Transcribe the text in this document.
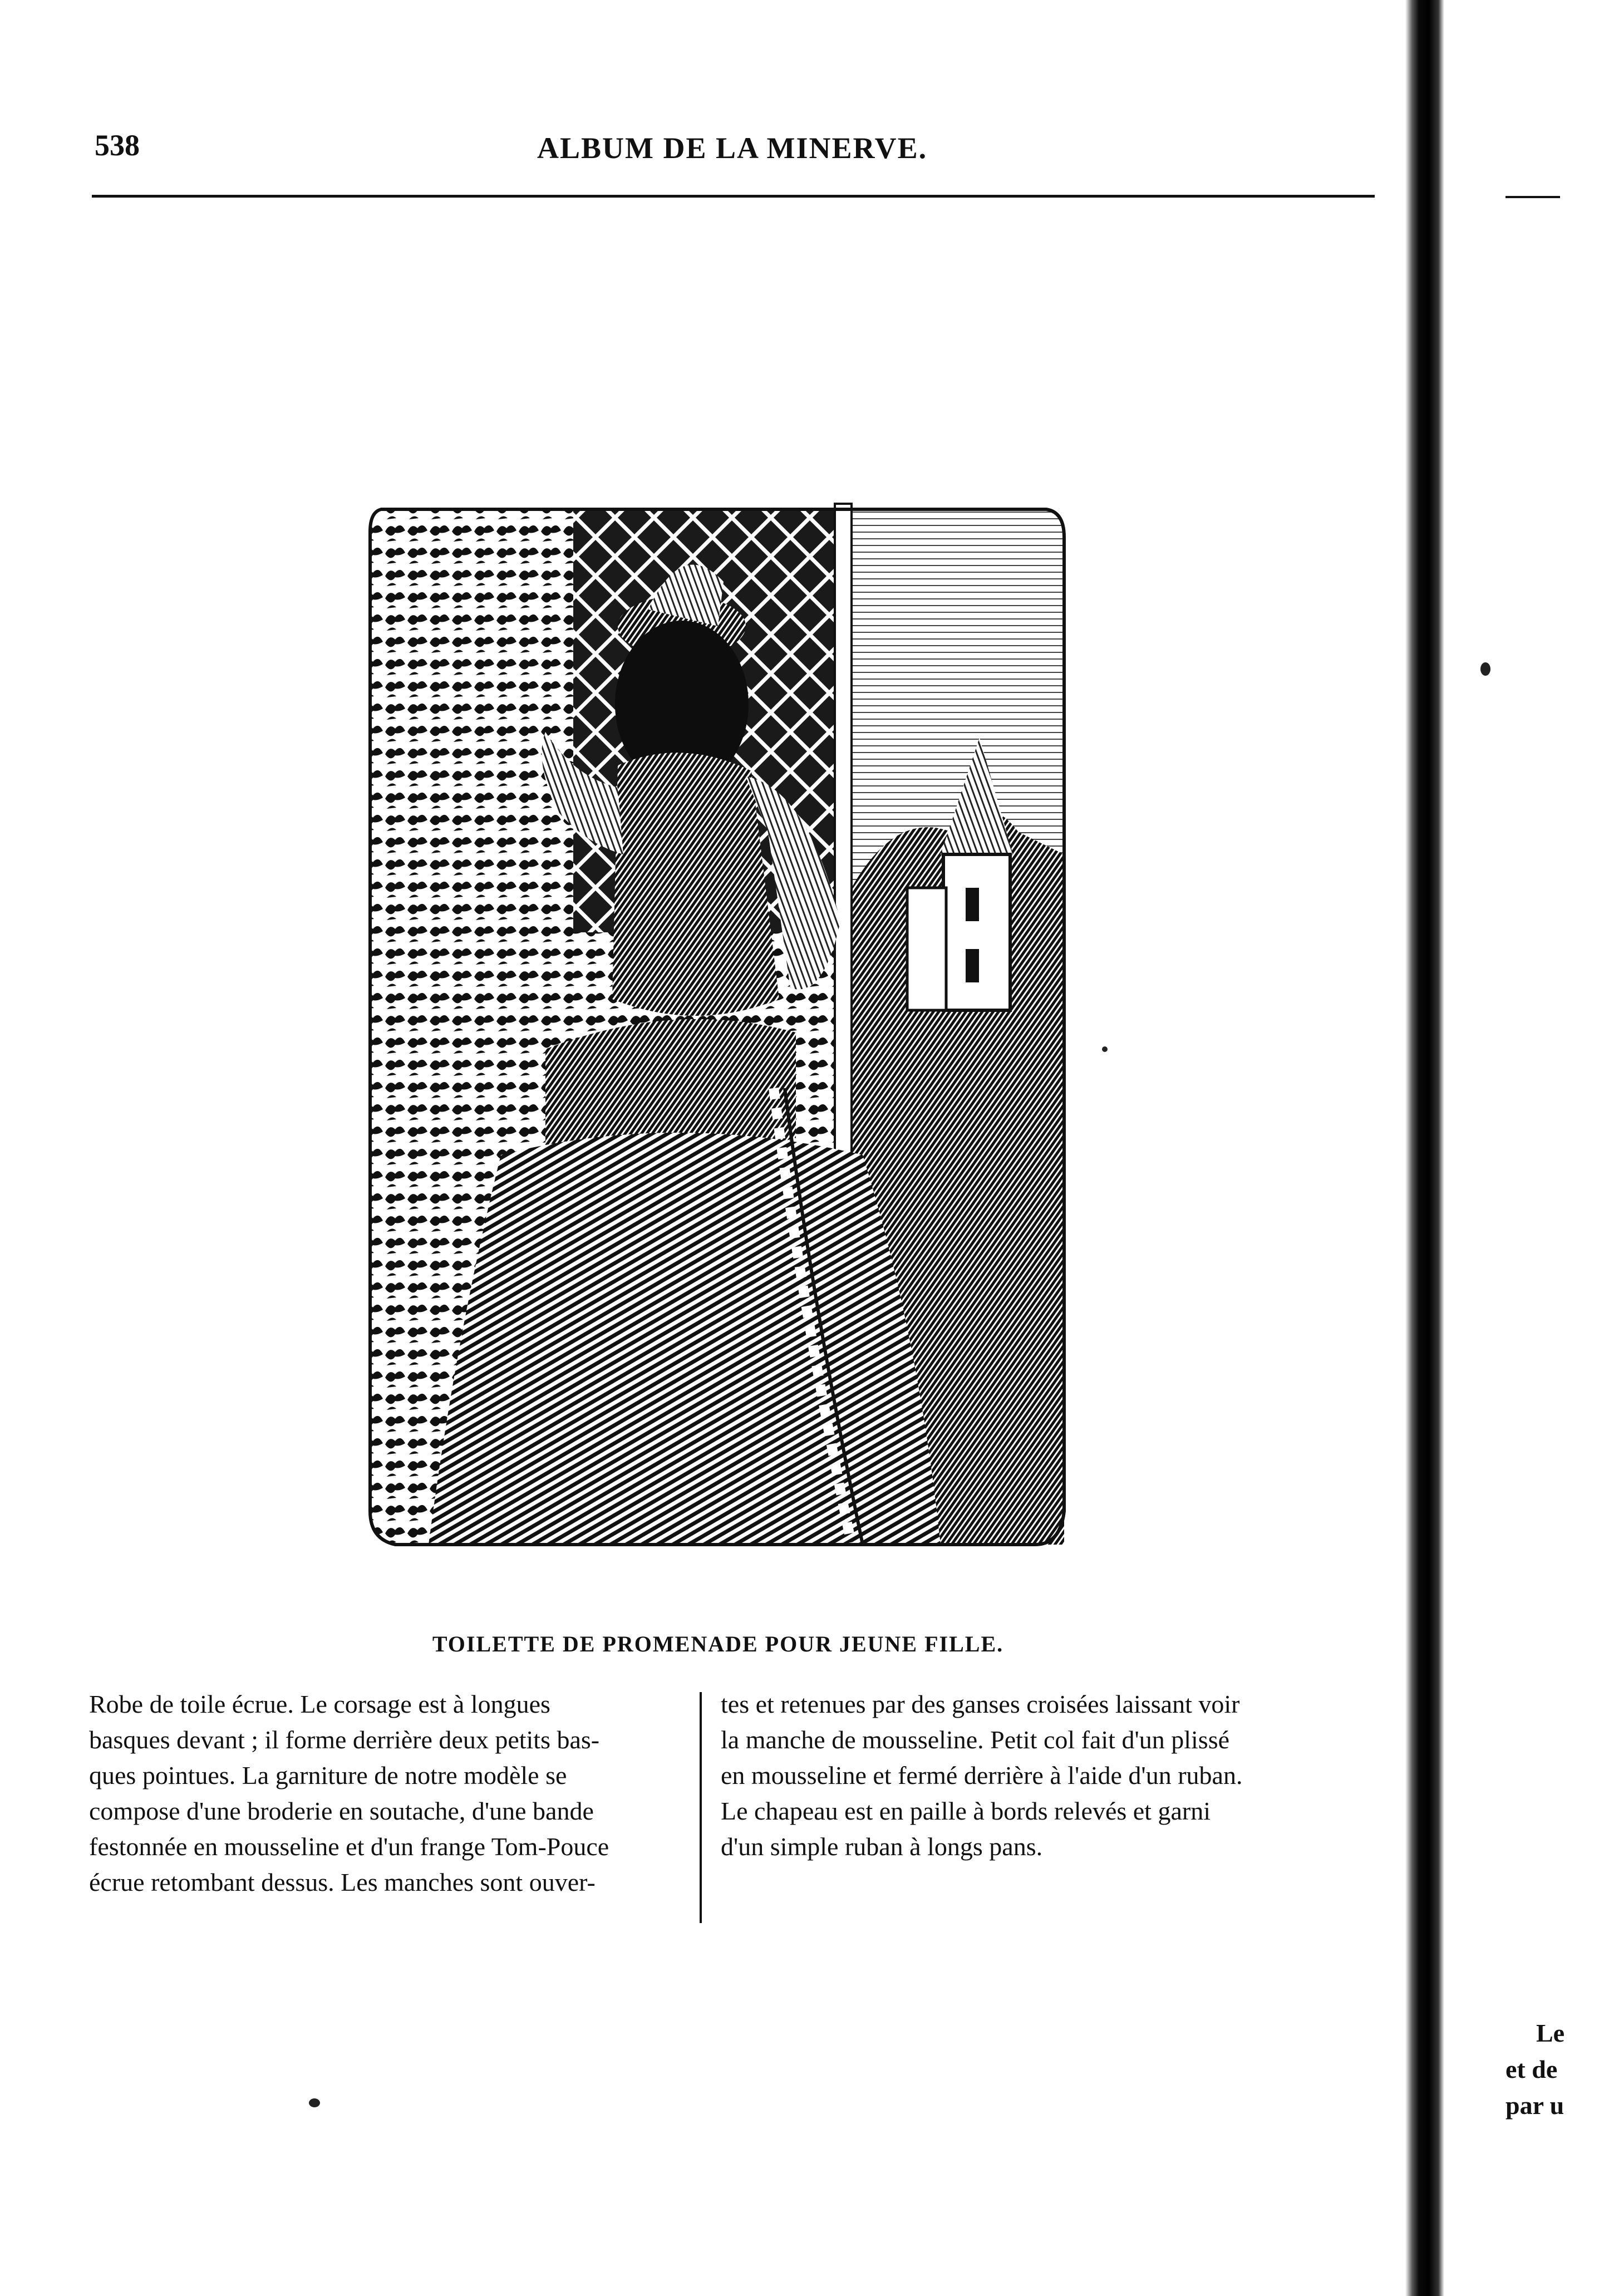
538	ALBUM DE LA MINERVE.
TOILETTE DE PROMENADE POUR JEUNE FILLE.
Robe de toile écrue. Le corsage est à longues
basques devant ; il forme derrière deux petits bas-
ques pointues. La garniture de notre modèle se
compose d'une broderie en soutache, d'une bande
festonnée en mousseline et d'un frange Tom-Pouce
écrue retombant dessus. Les manches sont ouver-
tes et retenues par des ganses croisées laissant voir
la manche de mousseline. Petit col fait d'un plissé
en mousseline et fermé derrière à l'aide d'un ruban.
Le chapeau est en paille à bords relevés et garni
d'un simple ruban à longs pans.
Le
et de
par u
